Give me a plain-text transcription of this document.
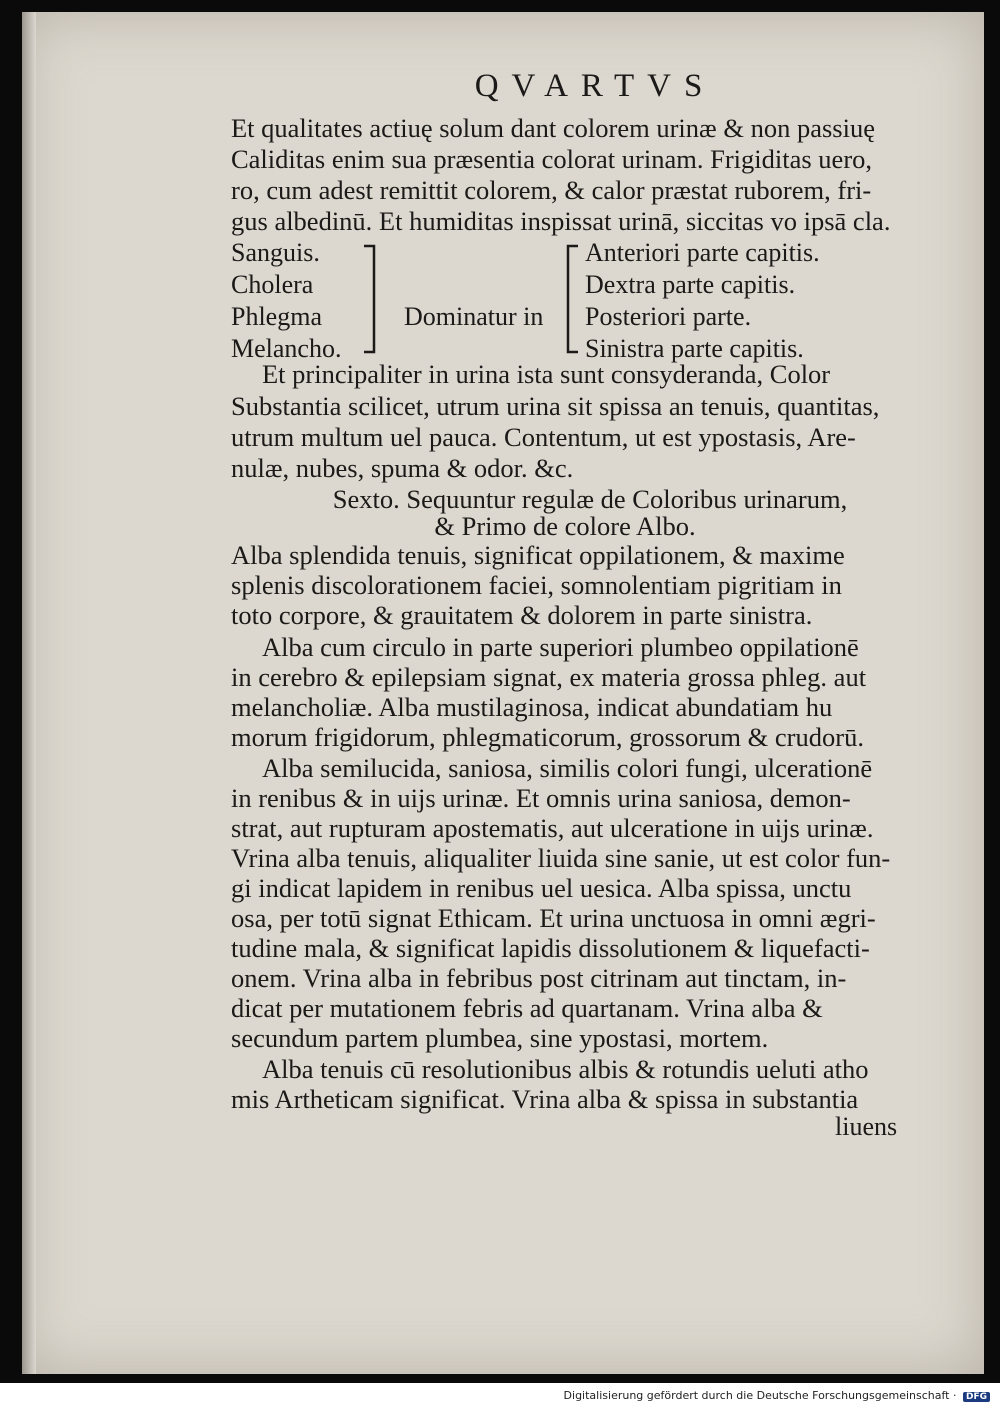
QVARTVS
Et qualitates actiuę solum dant colorem urinæ & non passiuę
Caliditas enim sua præsentia colorat urinam. Frigiditas uero,
ro, cum adest remittit colorem, & calor præstat ruborem, fri-
gus albedinū. Et humiditas inspissat urinā, siccitas vo ipsā cla.
Sanguis.
Cholera
Phlegma
Melancho.
Dominatur in
Anteriori parte capitis.
Dextra parte capitis.
Posteriori parte.
Sinistra parte capitis.
Et principaliter in urina ista sunt consyderanda, Color
Substantia scilicet, utrum urina sit spissa an tenuis, quantitas,
utrum multum uel pauca. Contentum, ut est ypostasis, Are-
nulæ, nubes, spuma & odor. &c.
Sexto. Sequuntur regulæ de Coloribus urinarum,
& Primo de colore Albo.
Alba splendida tenuis, significat oppilationem, & maxime
splenis discolorationem faciei, somnolentiam pigritiam in
toto corpore, & grauitatem & dolorem in parte sinistra.
Alba cum circulo in parte superiori plumbeo oppilationē
in cerebro & epilepsiam signat, ex materia grossa phleg. aut
melancholiæ. Alba mustilaginosa, indicat abundatiam hu
morum frigidorum, phlegmaticorum, grossorum & crudorū.
Alba semilucida, saniosa, similis colori fungi, ulcerationē
in renibus & in uijs urinæ. Et omnis urina saniosa, demon-
strat, aut rupturam apostematis, aut ulceratione in uijs urinæ.
Vrina alba tenuis, aliqualiter liuida sine sanie, ut est color fun-
gi indicat lapidem in renibus uel uesica. Alba spissa, unctu
osa, per totū signat Ethicam. Et urina unctuosa in omni ægri-
tudine mala, & significat lapidis dissolutionem & liquefacti-
onem. Vrina alba in febribus post citrinam aut tinctam, in-
dicat per mutationem febris ad quartanam. Vrina alba &
secundum partem plumbea, sine ypostasi, mortem.
Alba tenuis cū resolutionibus albis & rotundis ueluti atho
mis Artheticam significat. Vrina alba & spissa in substantia
liuens
Digitalisierung gefördert durch die Deutsche Forschungsgemeinschaft · DFG
